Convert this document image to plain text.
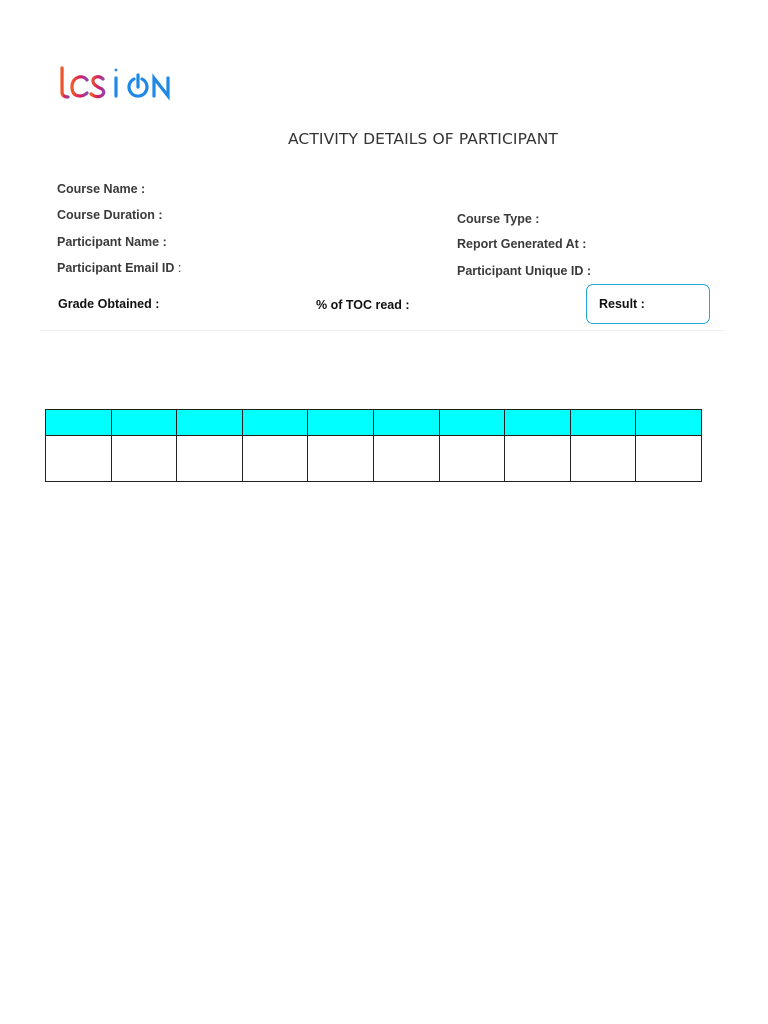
ACTIVITY DETAILS OF PARTICIPANT
Course Name :
Course Duration :
Participant Name :
Participant Email ID :
Course Type :
Report Generated At :
Participant Unique ID :
Grade Obtained :	% of TOC read :	Result :
